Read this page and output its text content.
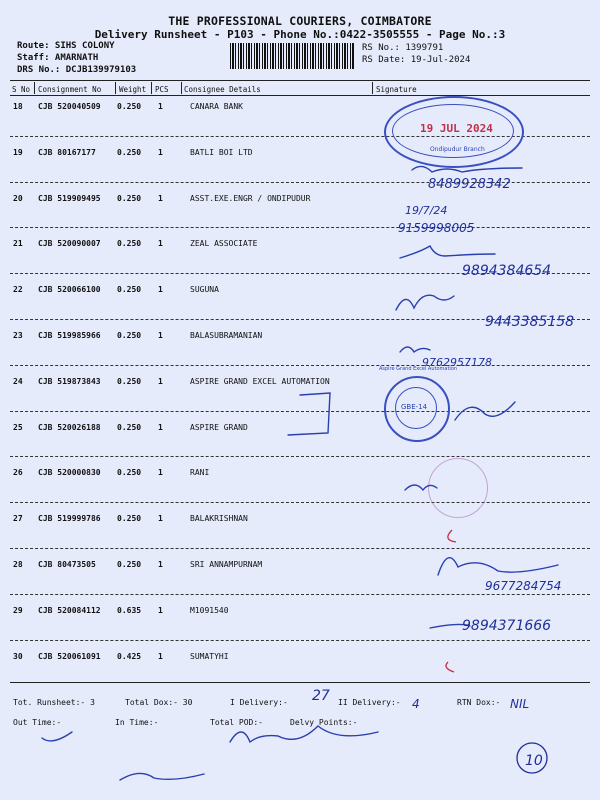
THE PROFESSIONAL COURIERS, COIMBATORE
Delivery Runsheet - P103 - Phone No.:0422-3505555 - Page No.:3
Route: SIHS COLONY
Staff: AMARNATH
DRS No.: DCJB139979103
RS No.: 1399791
RS Date: 19-Jul-2024
S No Consignment No Weight PCS Consignee Details	Signature
18 CJB 520040509 0.250 1	CANARA BANK
19 CJB 80167177	0.250 1	BATLI BOI LTD
20 CJB 519909495 0.250 1	ASST.EXE.ENGR / ONDIPUDUR
21 CJB 520090007 0.250 1	ZEAL ASSOCIATE
22 CJB 520066100 0.250 1	SUGUNA
23 CJB 519985966 0.250 1	BALASUBRAMANIAN
24 CJB 519873843 0.250 1	ASPIRE GRAND EXCEL AUTOMATION
25 CJB 520026188 0.250 1	ASPIRE GRAND
26 CJB 520000830 0.250 1	RANI
27 CJB 519999786 0.250 1	BALAKRISHNAN
28 CJB 80473505	0.250 1	SRI ANNAMPURNAM
29 CJB 520084112 0.635 1	M1091540
30 CJB 520061091 0.425 1	SUMATYHI
Tot. Runsheet:- 3	Total Dox:- 30	I Delivery:-	II Delivery:-	RTN Dox:-
Out Time:-	In Time:-	Total POD:-	Delvy Points:-
19 JUL 2024
Ondipudur Branch
GBE-14
Aspire Grand Excel Automation
8489928342
19/7/24
9159998005
9894384654
9443385158
9762957178
9677284754
9894371666
27	4	NIL
10
